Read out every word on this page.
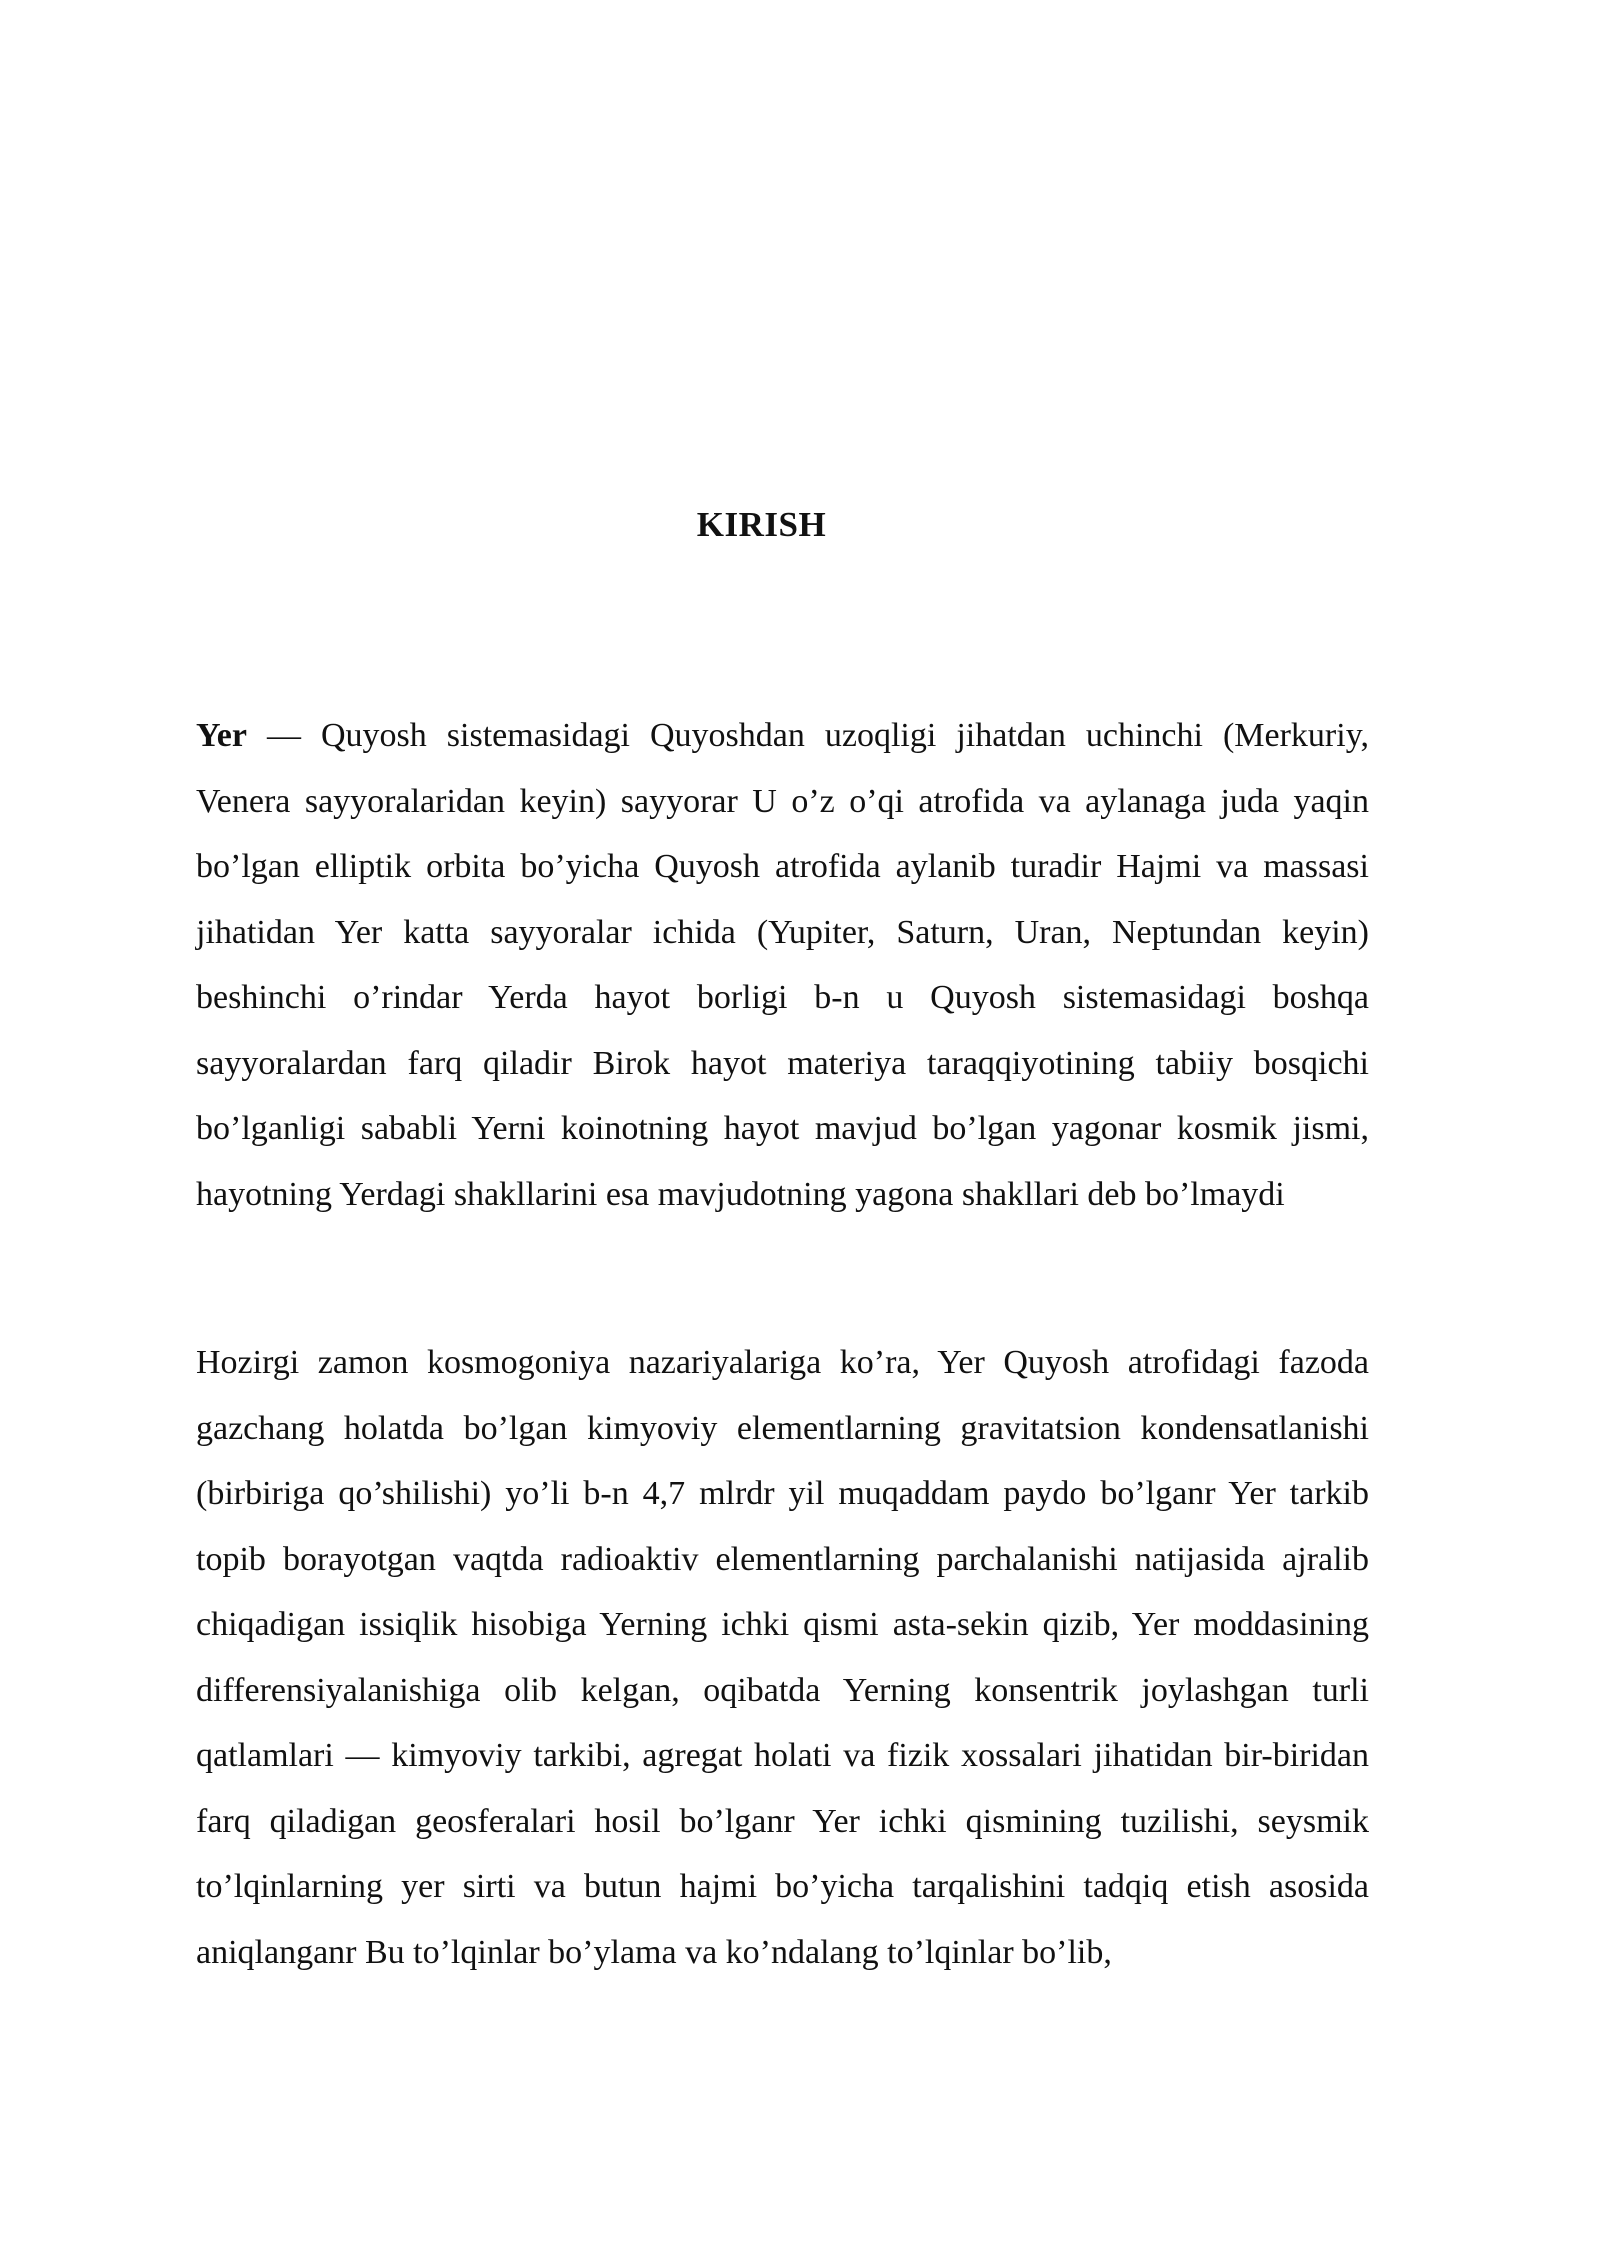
KIRISH

Yer — Quyosh sistemasidagi Quyoshdan uzoqligi jihatdan uchinchi (Merkuriy, Venera sayyoralaridan keyin) sayyorar U o’z o’qi atrofida va aylanaga juda yaqin bo’lgan elliptik orbita bo’yicha Quyosh atrofida aylanib turadir Hajmi va massasi jihatidan Yer katta sayyoralar ichida (Yupiter, Saturn, Uran, Neptundan keyin) beshinchi o’rindar Yerda hayot borligi b-n u Quyosh sistemasidagi boshqa sayyoralardan farq qiladir Birok hayot materiya taraqqiyotining tabiiy bosqichi bo’lganligi sababli Yerni koinotning hayot mavjud bo’lgan yagonar kosmik jismi, hayotning Yerdagi shakllarini esa mavjudotning yagona shakllari deb bo’lmaydi

Hozirgi zamon kosmogoniya nazariyalariga ko’ra, Yer Quyosh atrofidagi fazoda gazchang holatda bo’lgan kimyoviy elementlarning gravitatsion kondensatlanishi (birbiriga qo’shilishi) yo’li b-n 4,7 mlrdr yil muqaddam paydo bo’lganr Yer tarkib topib borayotgan vaqtda radioaktiv elementlarning parchalanishi natijasida ajralib chiqadigan issiqlik hisobiga Yerning ichki qismi asta-sekin qizib, Yer moddasining differensiyalanishiga olib kelgan, oqibatda Yerning konsentrik joylashgan turli qatlamlari — kimyoviy tarkibi, agregat holati va fizik xossalari jihatidan bir-biridan farq qiladigan geosferalari hosil bo’lganr Yer ichki qismining tuzilishi, seysmik to’lqinlarning yer sirti va butun hajmi bo’yicha tarqalishini tadqiq etish asosida aniqlanganr Bu to’lqinlar bo’ylama va ko’ndalang to’lqinlar bo’lib,
